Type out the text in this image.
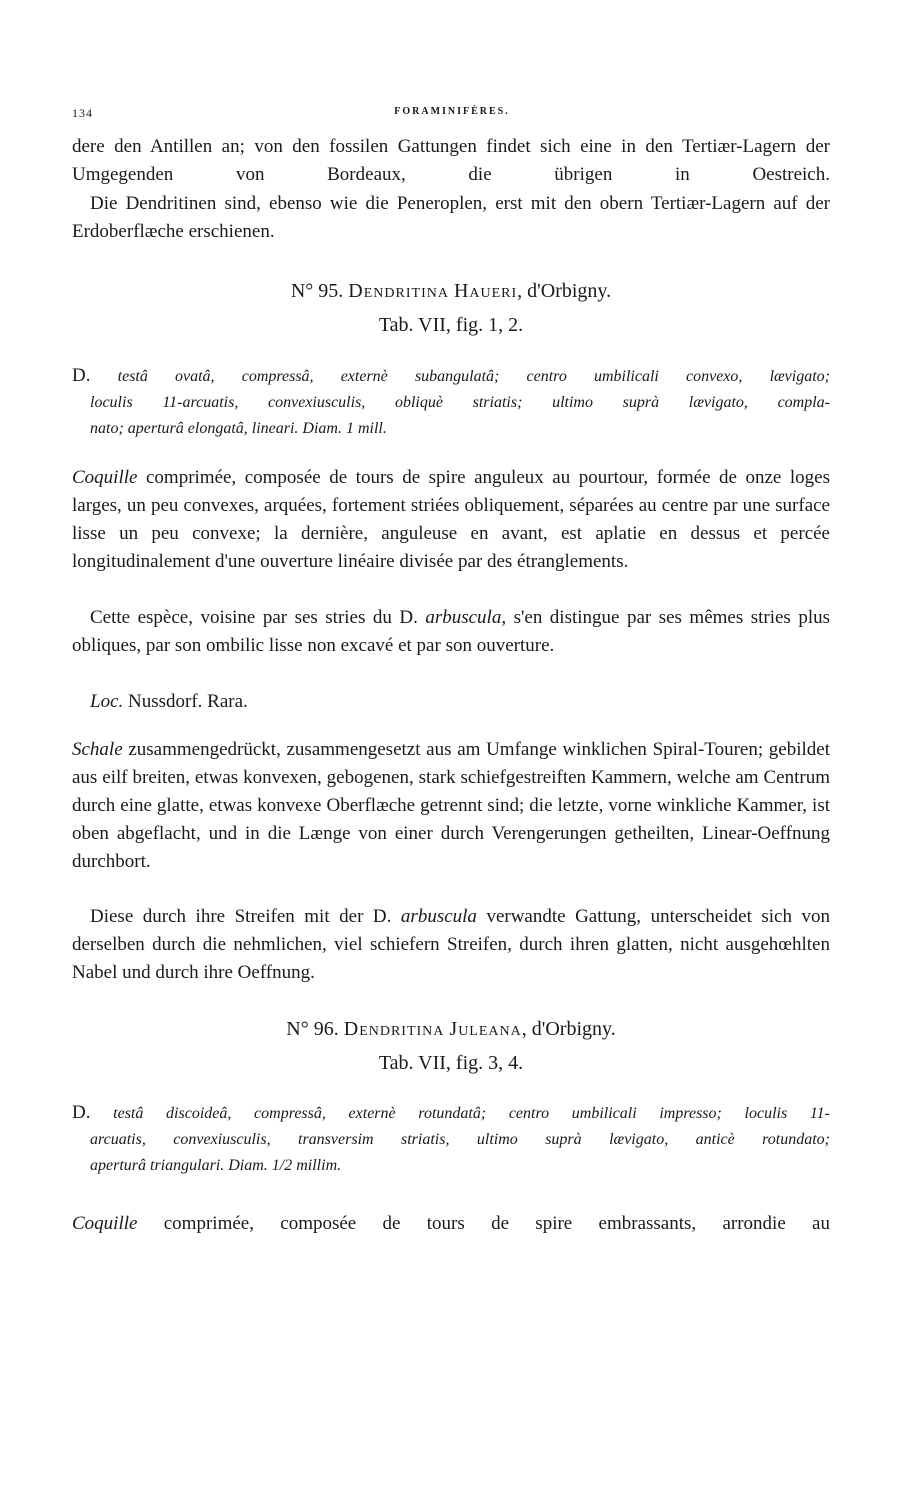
134	FORAMINIFÈRES.

dere den Antillen an; von den fossilen Gattungen findet sich eine in den Tertiær-Lagern der Umgegenden von Bordeaux, die übrigen in Oestreich.

Die Dendritinen sind, ebenso wie die Peneroplen, erst mit den obern Tertiær-Lagern auf der Erdoberflæche erschienen.

N° 95. Dendritina Haueri, d'Orbigny.
Tab. VII, fig. 1, 2.
D. testâ ovatâ, compressâ, externè subangulatâ; centro umbilicali convexo, lævigato;
loculis 11-arcuatis, convexiusculis, obliquè striatis; ultimo suprà lævigato, compla-
nato; aperturâ elongatâ, lineari. Diam. 1 mill.

Coquille comprimée, composée de tours de spire anguleux au pourtour, formée de onze loges larges, un peu convexes, arquées, fortement striées obliquement, séparées au centre par une surface lisse un peu convexe; la dernière, anguleuse en avant, est aplatie en dessus et percée longitudinalement d'une ouverture linéaire divisée par des étranglements.

Cette espèce, voisine par ses stries du D. arbuscula, s'en distingue par ses mêmes stries plus obliques, par son ombilic lisse non excavé et par son ouverture.

Loc. Nussdorf. Rara.

Schale zusammengedrückt, zusammengesetzt aus am Umfange winklichen Spiral-Touren; gebildet aus eilf breiten, etwas konvexen, gebogenen, stark schiefgestreiften Kammern, welche am Centrum durch eine glatte, etwas konvexe Oberflæche getrennt sind; die letzte, vorne winkliche Kammer, ist oben abgeflacht, und in die Længe von einer durch Verengerungen getheilten, Linear-Oeffnung durchbort.

Diese durch ihre Streifen mit der D. arbuscula verwandte Gattung, unterscheidet sich von derselben durch die nehmlichen, viel schiefern Streifen, durch ihren glatten, nicht ausgehœhlten Nabel und durch ihre Oeffnung.

N° 96. Dendritina Juleana, d'Orbigny.
Tab. VII, fig. 3, 4.
D. testâ discoideâ, compressâ, externè rotundatâ; centro umbilicali impresso; loculis 11-
arcuatis, convexiusculis, transversim striatis, ultimo suprà lævigato, anticè rotundato;
aperturâ triangulari. Diam. 1/2 millim.

Coquille comprimée, composée de tours de spire embrassants, arrondie au
